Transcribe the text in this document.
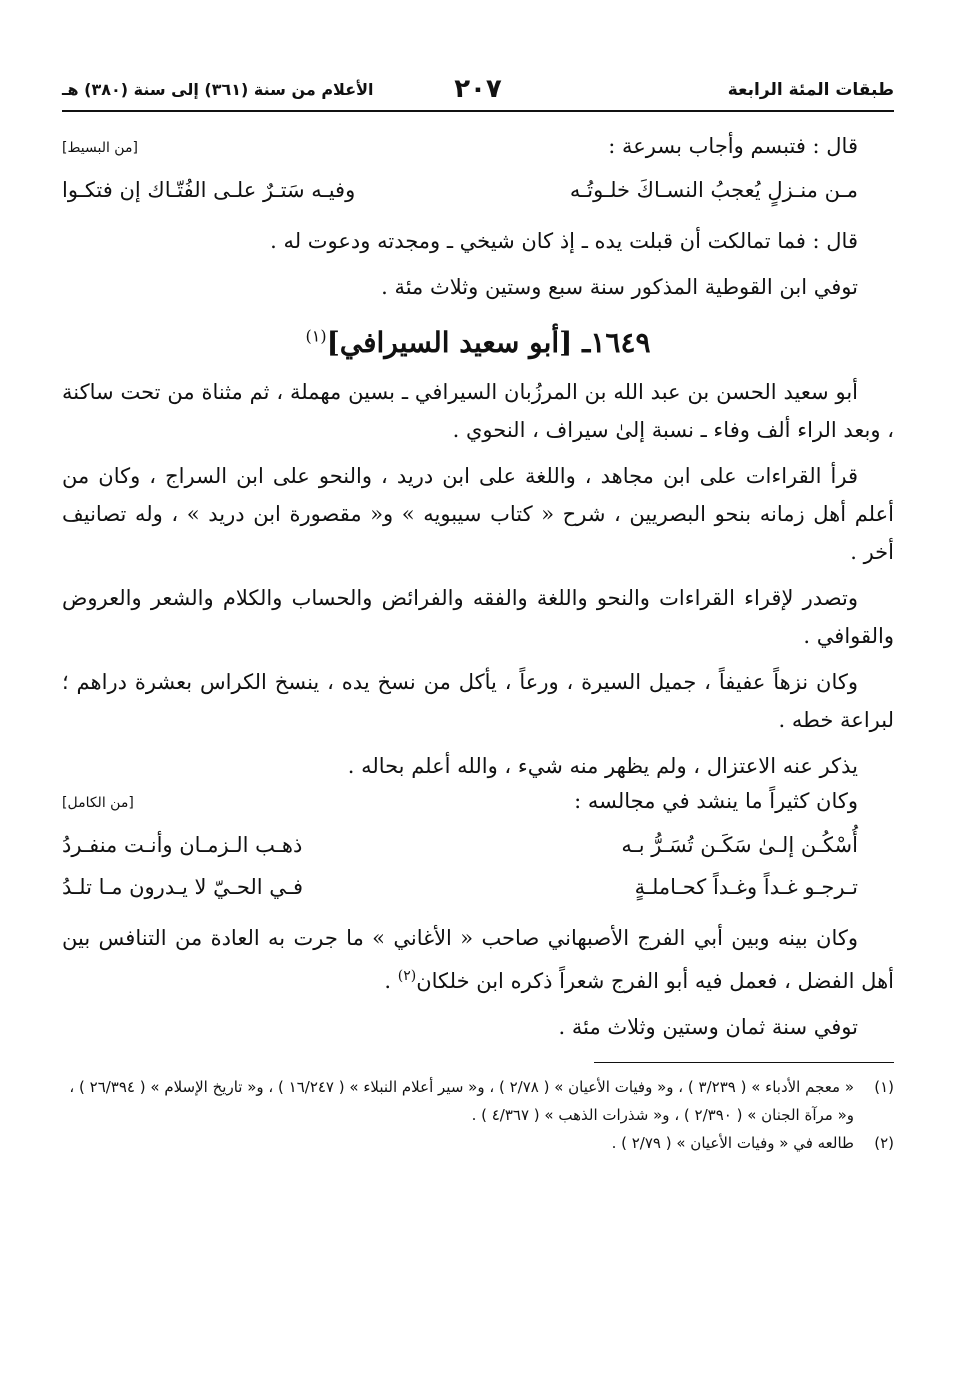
طبقات المئة الرابعة
٢٠٧
الأعلام من سنة (٣٦١) إلى سنة (٣٨٠) هـ
قال : فتبسم وأجاب بسرعة :
[من البسيط]
مـن منـزلٍ يُعجبُ النسـاكَ خلـوتُـه
وفيـه سَتـرٌ علـى الفُتّـاك إن فتكـوا

قال : فما تمالكت أن قبلت يده ـ إذ كان شيخي ـ ومجدته ودعوت له .

توفي ابن القوطية المذكور سنة سبع وستين وثلاث مئة .

١٦٤٩ـ [أبو سعيد السيرافي]$^{(١)}$

أبو سعيد الحسن بن عبد الله بن المرزُبان السيرافي ـ بسين مهملة ، ثم مثناة من تحت ساكنة ، وبعد الراء ألف وفاء ـ نسبة إلىٰ سيراف ، النحوي .

قرأ القراءات على ابن مجاهد ، واللغة على ابن دريد ، والنحو على ابن السراج ، وكان من أعلم أهل زمانه بنحو البصريين ، شرح « كتاب سيبويه » و« مقصورة ابن دريد » ، وله تصانيف أخر .

وتصدر لإقراء القراءات والنحو واللغة والفقه والفرائض والحساب والكلام والشعر والعروض والقوافي .

وكان نزهاً عفيفاً ، جميل السيرة ، ورعاً ، يأكل من نسخ يده ، ينسخ الكراس بعشرة دراهم ؛ لبراعة خطه .

يذكر عنه الاعتزال ، ولم يظهر منه شيء ، والله أعلم بحاله .

وكان كثيراً ما ينشد في مجالسه :
[من الكامل]
أُسْكُـن إلـىٰ سَكَـن تُسَـرُّ بـه
ذهـب الـزمـان وأنـت منفـردُ
تـرجـو غـداً وغـداً كحـاملـةٍ
فـي الحـيّ لا يـدرون مـا تلـدُ

وكان بينه وبين أبي الفرج الأصبهاني صاحب « الأغاني » ما جرت به العادة من التنافس بين أهل الفضل ، فعمل فيه أبو الفرج شعراً ذكره ابن خلكان$^{(٢)}$ .

توفي سنة ثمان وستين وثلاث مئة .

(١)
« معجم الأدباء » ( ٣/٢٣٩ ) ، و« وفيات الأعيان » ( ٢/٧٨ ) ، و« سير أعلام النبلاء » ( ١٦/٢٤٧ ) ، و« تاريخ الإسلام » ( ٢٦/٣٩٤ ) ، و« مرآة الجنان » ( ٢/٣٩٠ ) ، و« شذرات الذهب » ( ٤/٣٦٧ ) .
(٢)
طالعه في « وفيات الأعيان » ( ٢/٧٩ ) .
